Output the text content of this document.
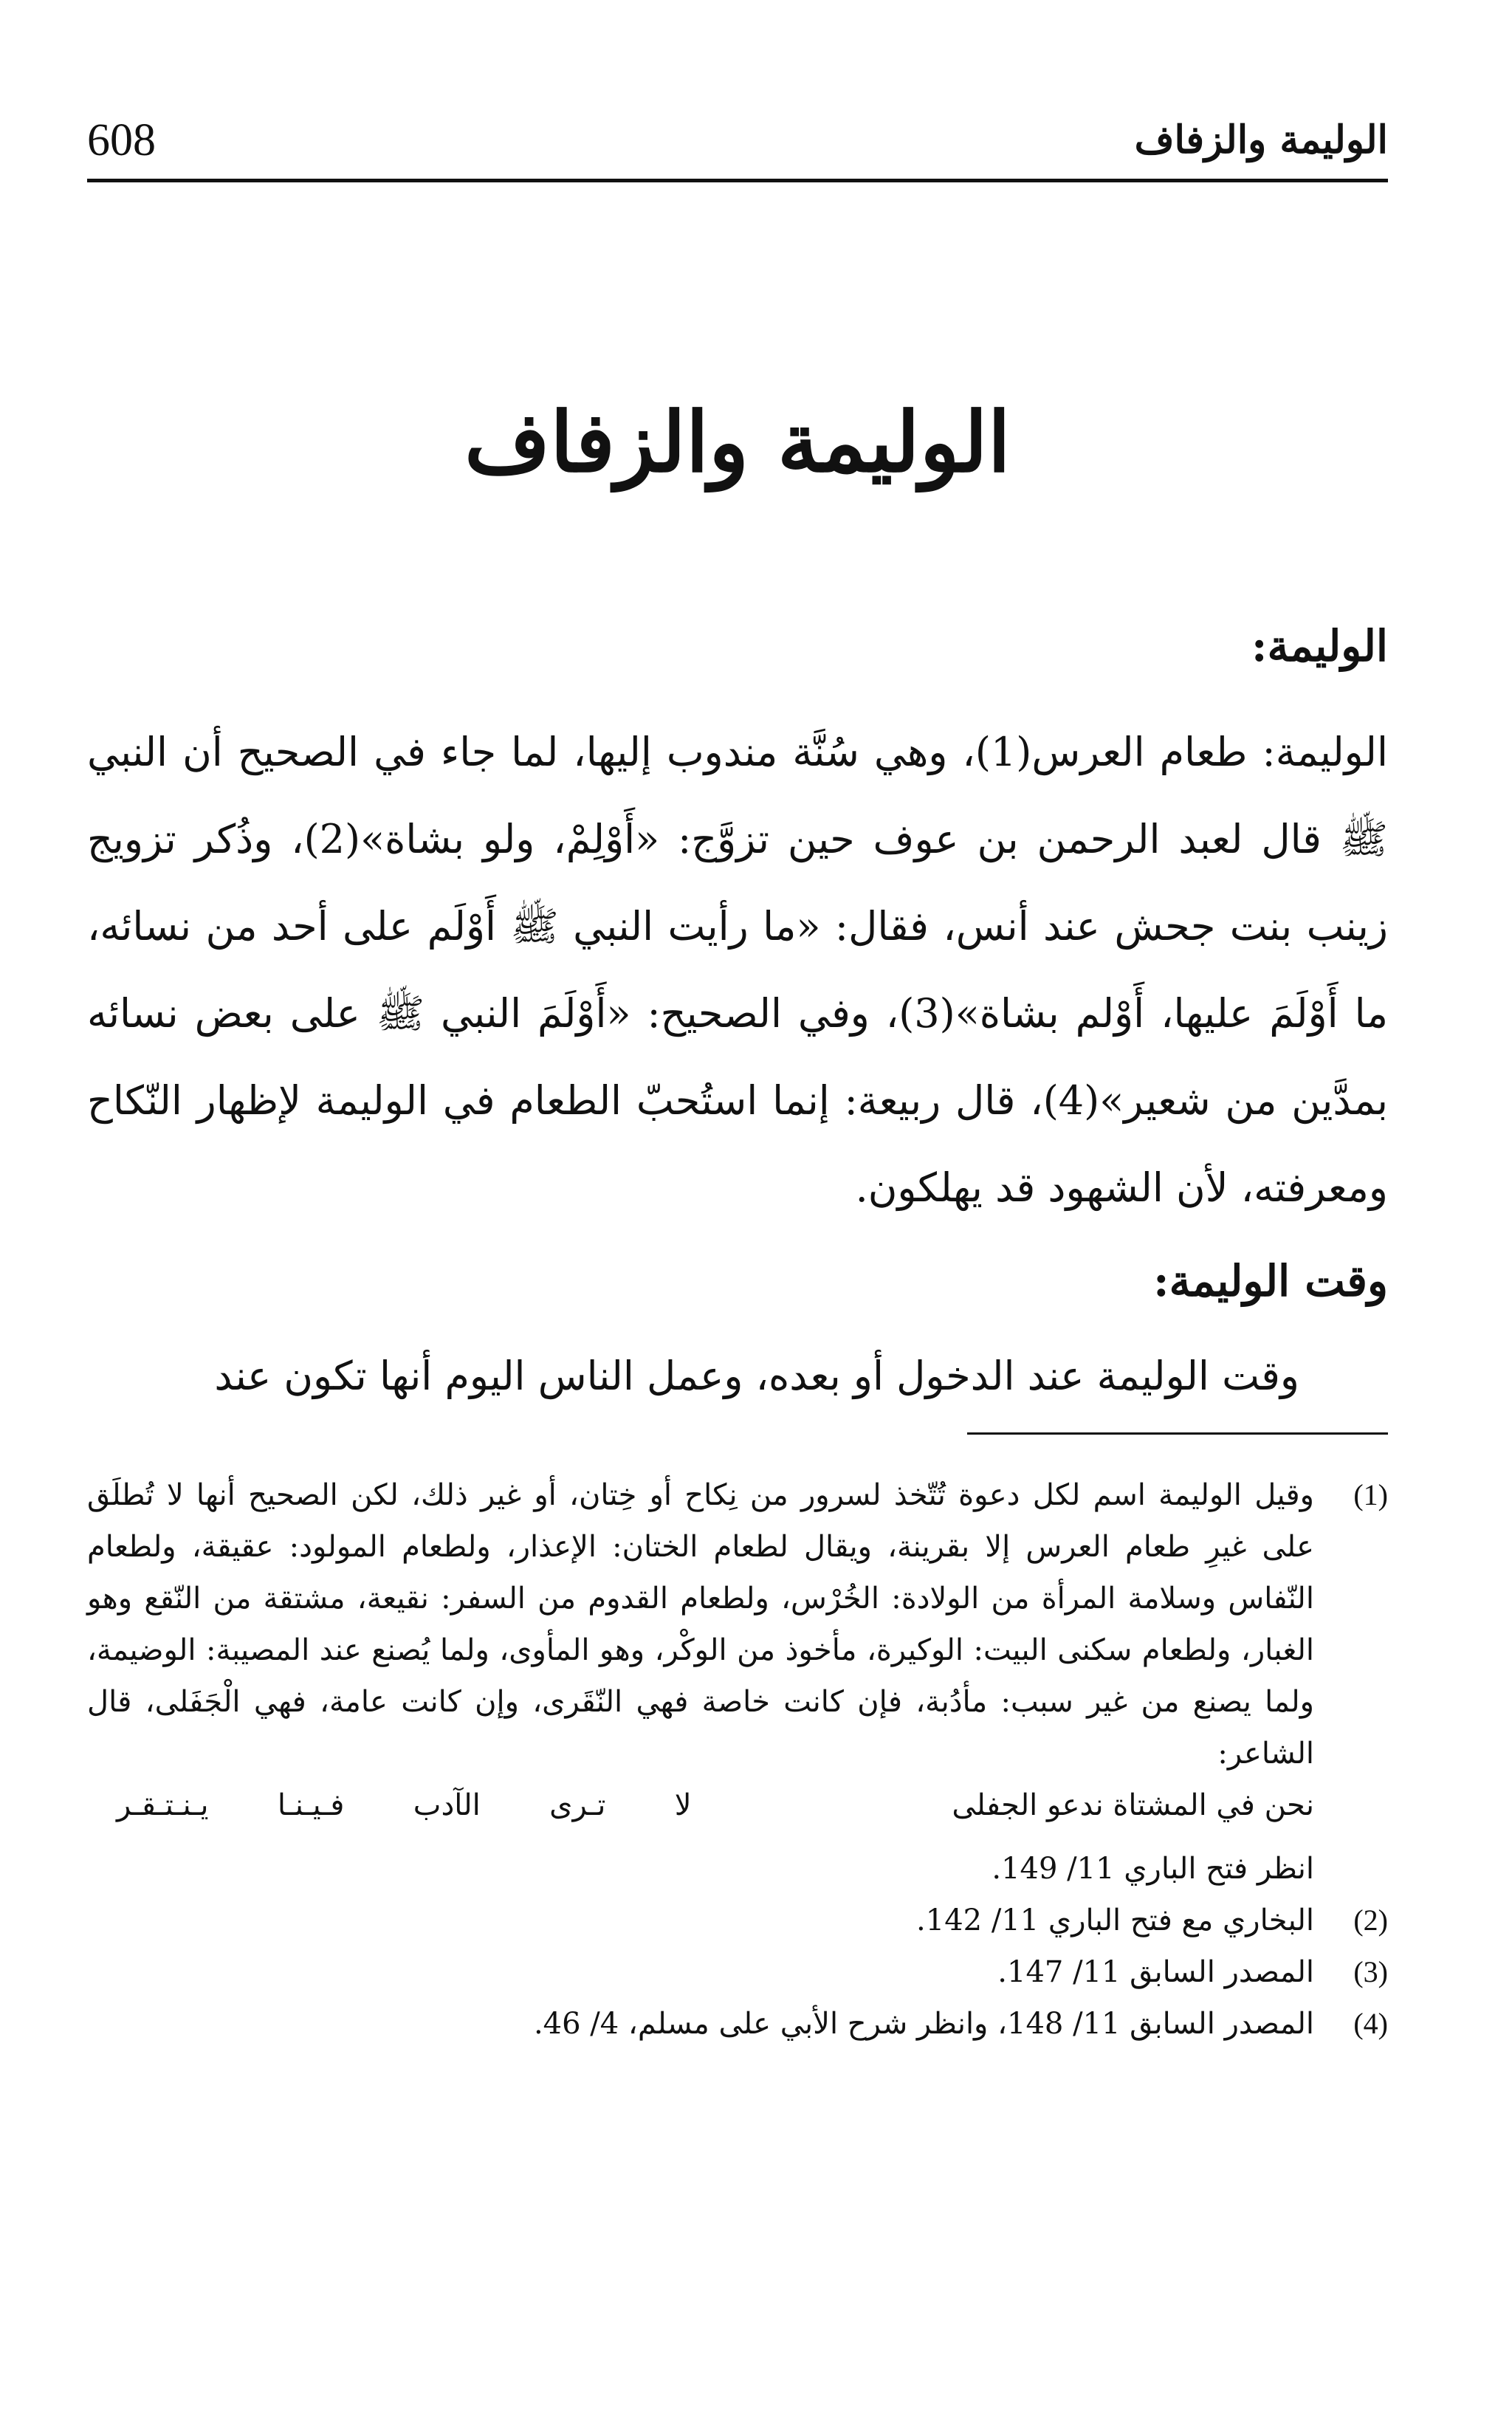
الوليمة والزفاف
608
الوليمة والزفاف
الوليمة:
الوليمة: طعام العرس(1)، وهي سُنَّة مندوب إليها، لما جاء في الصحيح أن النبي ﷺ قال لعبد الرحمن بن عوف حين تزوَّج: «أَوْلِمْ، ولو بشاة»(2)، وذُكر تزويج زينب بنت جحش عند أنس، فقال: «ما رأيت النبي ﷺ أَوْلَم على أحد من نسائه، ما أَوْلَمَ عليها، أَوْلم بشاة»(3)، وفي الصحيح: «أَوْلَمَ النبي ﷺ على بعض نسائه بمدَّين من شعير»(4)، قال ربيعة: إنما استُحبّ الطعام في الوليمة لإظهار النّكاح ومعرفته، لأن الشهود قد يهلكون.
وقت الوليمة:
وقت الوليمة عند الدخول أو بعده، وعمل الناس اليوم أنها تكون عند
(1)
وقيل الوليمة اسم لكل دعوة تُتّخذ لسرور من نِكاح أو خِتان، أو غير ذلك، لكن الصحيح أنها لا تُطلَق على غيرِ طعام العرس إلا بقرينة، ويقال لطعام الختان: الإعذار، ولطعام المولود: عقيقة، ولطعام النّفاس وسلامة المرأة من الولادة: الخُرْس، ولطعام القدوم من السفر: نقيعة، مشتقة من النّقع وهو الغبار، ولطعام سكنى البيت: الوكيرة، مأخوذ من الوكْر، وهو المأوى، ولما يُصنع عند المصيبة: الوضيمة، ولما يصنع من غير سبب: مأدُبة، فإن كانت خاصة فهي النّقَرى، وإن كانت عامة، فهي الْجَفَلى، قال الشاعر:
نحن في المشتاة ندعو الجفلى
لا تـرى الآدب فـيـنـا يـنـتـقـر
انظر فتح الباري 11/ 149.
(2)
البخاري مع فتح الباري 11/ 142.
(3)
المصدر السابق 11/ 147.
(4)
المصدر السابق 11/ 148، وانظر شرح الأبي على مسلم، 4/ 46.
